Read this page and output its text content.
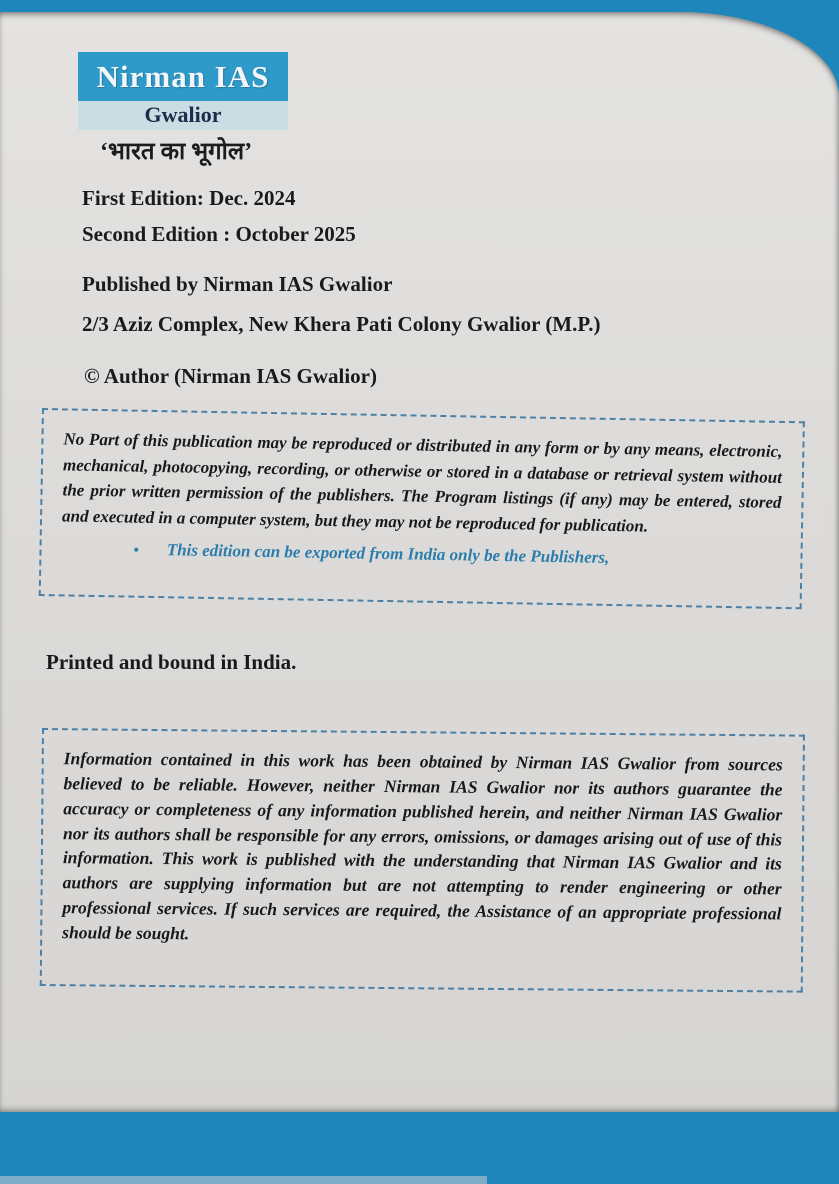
Nirman IAS
Gwalior
‘भारत का भूगोल’
First Edition: Dec. 2024
Second Edition : October 2025
Published by Nirman IAS Gwalior
2/3 Aziz Complex, New Khera Pati Colony Gwalior (M.P.)
© Author (Nirman IAS Gwalior)

No Part of this publication may be reproduced or distributed in any form or by any means, electronic, mechanical, photocopying, recording, or otherwise or stored in a database or retrieval system without the prior written permission of the publishers. The Program listings (if any) may be entered, stored and executed in a computer system, but they may not be reproduced for publication.

• This edition can be exported from India only be the Publishers,
Printed and bound in India.

Information contained in this work has been obtained by Nirman IAS Gwalior from sources believed to be reliable. However, neither Nirman IAS Gwalior nor its authors guarantee the accuracy or completeness of any information published herein, and neither Nirman IAS Gwalior nor its authors shall be responsible for any errors, omissions, or damages arising out of use of this information. This work is published with the understanding that Nirman IAS Gwalior and its authors are supplying information but are not attempting to render engineering or other professional services. If such services are required, the Assistance of an appropriate professional should be sought.
